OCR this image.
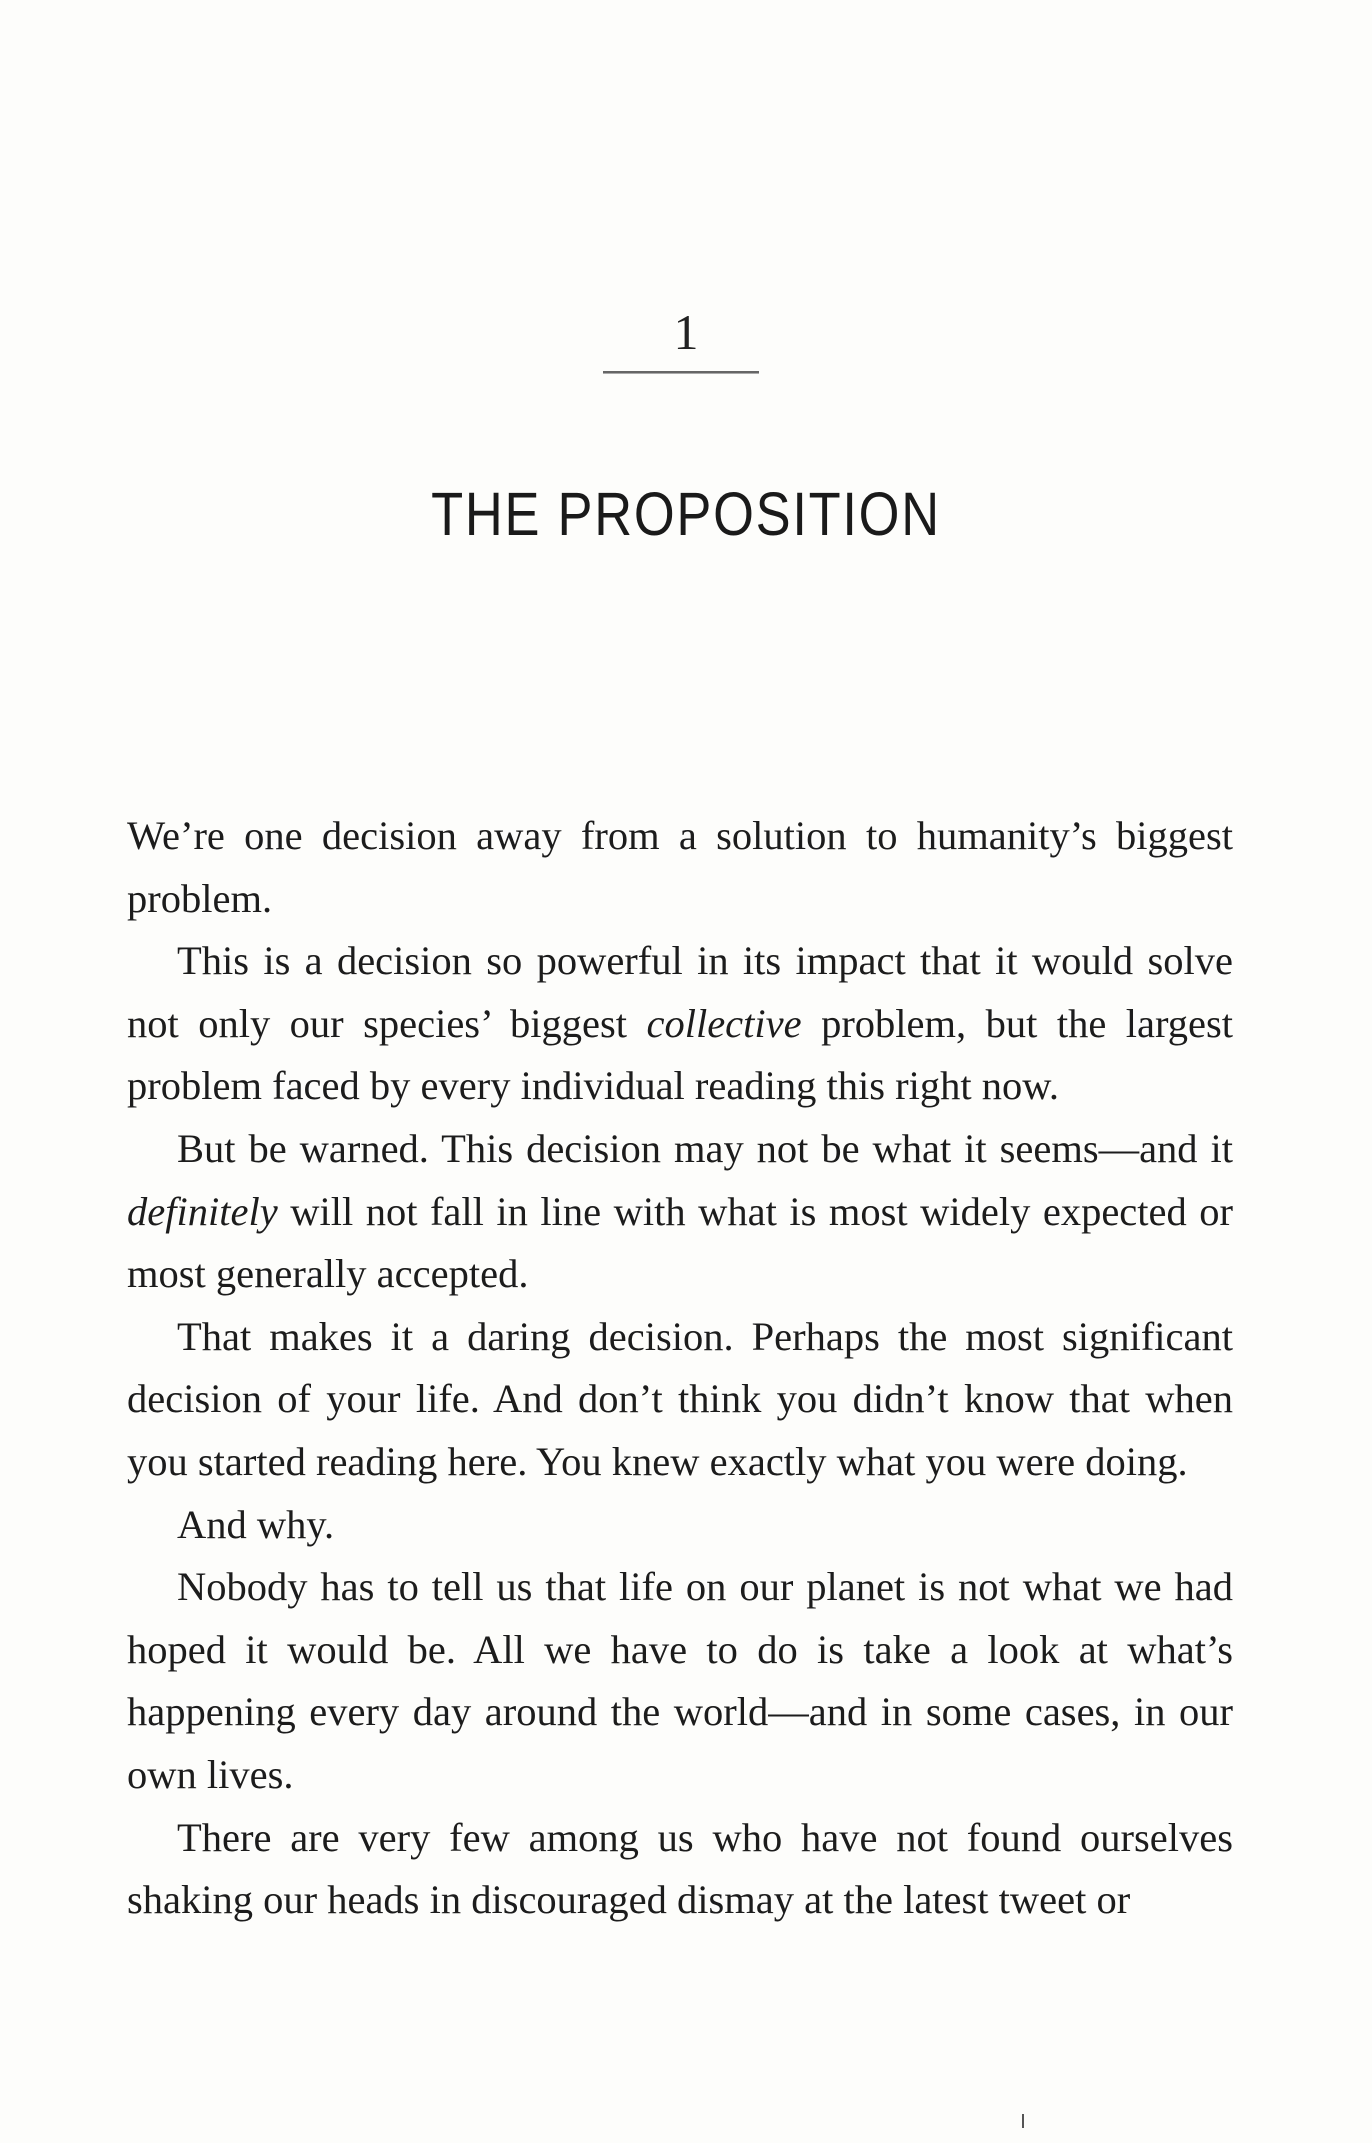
1
THE PROPOSITION

We’re one decision away from a solution to humanity’s biggest problem.

This is a decision so powerful in its impact that it would solve not only our species’ biggest collective problem, but the largest problem faced by every individual reading this right now.

But be warned. This decision may not be what it seems—and it definitely will not fall in line with what is most widely expected or most generally accepted.

That makes it a daring decision. Perhaps the most significant decision of your life. And don’t think you didn’t know that when you started reading here. You knew exactly what you were doing.

And why.

Nobody has to tell us that life on our planet is not what we had hoped it would be. All we have to do is take a look at what’s happening every day around the world—and in some cases, in our own lives.

There are very few among us who have not found ourselves shaking our heads in discouraged dismay at the latest tweet or
